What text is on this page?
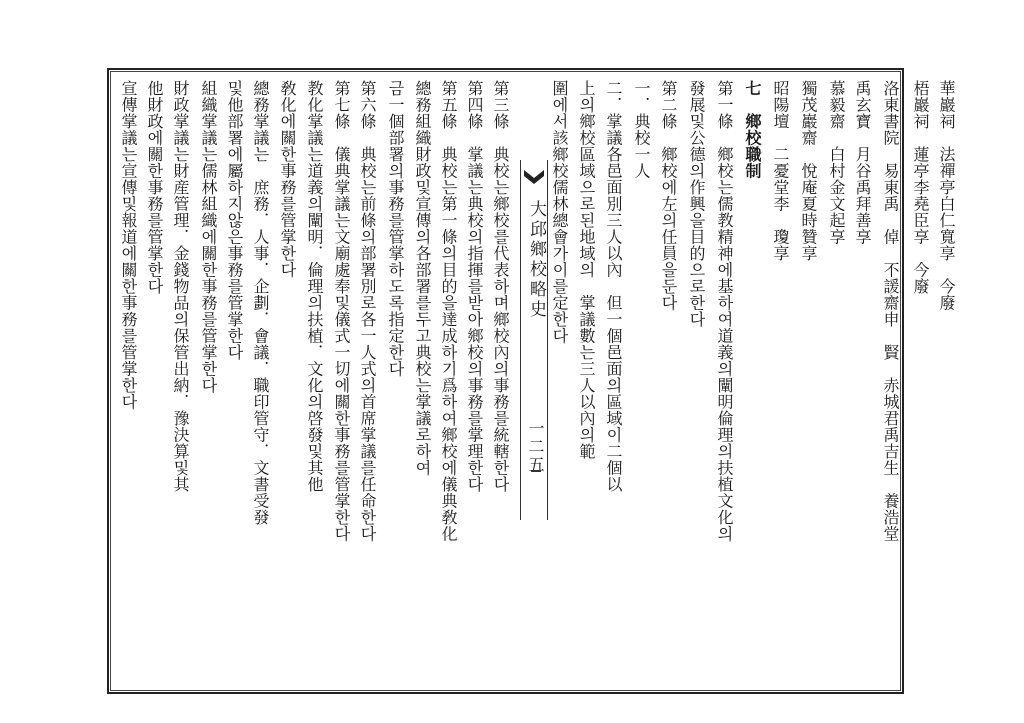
華巖祠　法禪亭白仁寬享　今廢
梧巖祠　蓮亭李堯臣享　今廢
洛東書院　易東禹　倬　不諼齋申　賢　赤城君禹吉生　養浩堂
禹玄寶　月谷禹拜善享
慕毅齋　白村金文起享
獨茂巖齋　悅庵夏時贊享
昭陽壇　二憂堂李　瓊享
七　鄉校職制
第一條　鄉校는儒教精神에基하여道義의闡明倫理의扶植文化의
發展및公德의作興을目的으로한다
第二條　鄉校에左의任員을둔다
一．典校一人
二．掌議各邑面別三人以內　但一個邑面의區域이二個以
上의鄉校區域으로된地域의　掌議數는三人以內의範
圍에서該鄉校儒林總會가이를定한다
第三條　典校는鄉校를代表하며鄉校內의事務를統轄한다
第四條　掌議는典校의指揮를받아鄉校의事務를掌理한다
第五條　典校는第一條의目的을達成하기爲하여鄉校에儀典敎化
總務組織財政및宣傳의各部署를두고典校는掌議로하여
금一個部署의事務를管掌하도록指定한다
第六條　典校는前條의部署別로各一人式의首席掌議를任命한다
第七條　儀典掌議는文廟處奉및儀式一切에關한事務를管掌한다
教化掌議는道義의闡明．倫理의扶植．文化의啓發및其他
敎化에關한事務를管掌한다
總務掌議는　庶務．人事．企劃．會議．職印管守．文書受發
및他部署에屬하지않은事務를管掌한다
組織掌議는儒林組織에關한事務를管掌한다
財政掌議는財産管理．金錢物品의保管出納．豫決算및其
他財政에關한事務를管掌한다
宣傳掌議는宣傳및報道에關한事務를管掌한다	大邱鄉校略史
一二五
